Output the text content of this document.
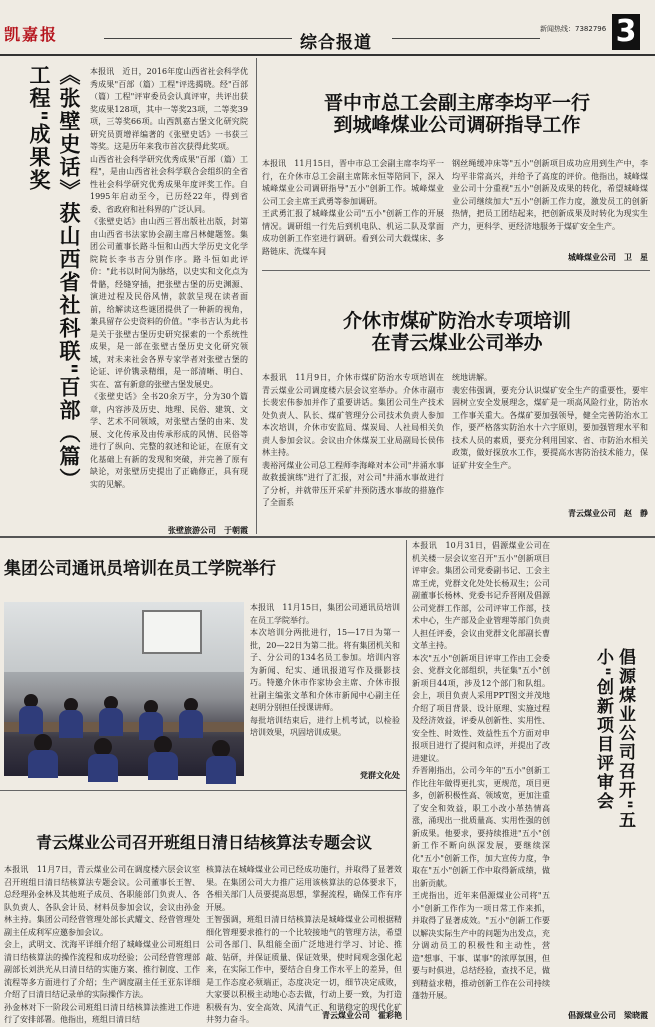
凯嘉报	综合报道
新闻热线：7382796 3
《张壁史话》获山西省社科联"百部（篇）工程"成果奖	本报讯　近日，2016年度山西省社会科学优秀成果"百部（篇）工程"评选揭晓。经"百部（篇）工程"评审委员会认真评审，共评出获奖成果128项，其中一等奖23项，二等奖39项，三等奖66项。山西凯嘉古堡文化研究院研究员贾增祥编著的《张壁史话》一书获三等奖。这是历年来我市首次获得此奖项。
山西省社会科学研究优秀成果"百部（篇）工程"，是由山西省社会科学联合会组织的全省性社会科学研究优秀成果年度评奖工作。自1995年启动至今，已历经22年，得到省委、省政府和社科界的广泛认同。
《张壁史话》由山西三晋出版社出版，封第由山西省书法家协会副主席吕林健题签。集团公司董事长路斗恒和山西大学历史文化学院院长李书吉分别作序。路斗恒如此评价："此书以时间为脉络，以史实和文化点为骨骼，经缝穿插，把张壁古堡的历史渊源、演进过程及民俗风情，款款呈现在读者面前，给解读这些谜团提供了一种新的视角，兼具留存公史资料的价值。"李书吉认为此书是关于张壁古堡历史研究探索的一个系统性成果，是一部在张壁古堡历史文化研究领域，对未来社会各界专家学者对张壁古堡的论证、评价镌录精细，是一部清晰、明白、实在、富有新意的张壁古堡发展史。
《张壁史话》全书20余万字，分为30个篇章，内容涉及历史、地理、民俗、建筑、文学、艺术不同领域，对张壁古堡的由来、发展、文化传承及由传承形成的风情、民俗等进行了纵向、完整的叙述和论证，在原有文化基础上有新的发现和突破，并完善了原有缺论，对张壁历史提出了正确修正，具有现实的见解。
张壁旅游公司　于朝霞
晋中市总工会副主席李均平一行
到城峰煤业公司调研指导工作
本报讯　11月15日，晋中市总工会副主席李均平一行，在介休市总工会副主席陈永恒等陪同下，深入城峰煤业公司调研指导"五小"创新工作。城峰煤业公司工会主席王武勇等参加调研。
王武勇汇报了城峰煤业公司"五小"创新工作的开展情况。调研组一行先后到机电队、机运二队及掌面成功创新工作室进行调研。看到公司大载煤床、多路链床、洗煤车间
钢丝绳缓冲床等"五小"创新项目成功应用到生产中，李均平非常高兴，并给予了高度的评价。他指出，城峰煤业公司十分重视"五小"创新及成果的转化，希望城峰煤业公司继续加大"五小"创新工作力度，激发员工的创新热情，把员工团结起来，把创新成果及时转化为现实生产力，更科学、更经济地服务于煤矿安全生产。
城峰煤业公司　卫　星
介休市煤矿防治水专项培训
在青云煤业公司举办
本报讯　11月9日，介休市煤矿防治水专项培训在青云煤业公司调度楼六层会议室举办。介休市副市长裴宏伟参加并作了重要讲话。集团公司生产技术处负责人、队长、煤矿管理分公司技术负责人参加本次培训，介休市安监局、煤炭局、人社局相关负责人参加会议。会议由介休煤炭工业局副局长侯伟林主持。
裴裕河煤业公司总工程师李海峰对本公司"井涌水事故救援演练"进行了汇报，对公司"井涌水事故进行了分析，并就带压开采矿井预防透水事故的措施作了全面系
统地讲解。
裴宏伟强调，要充分认识煤矿安全生产的重要性，要牢固树立安全发展理念，煤矿是一项高风险行业，防治水工作事关重大。各煤矿要加强领导，健全完善防治水工作，要严格落实防治水十六字原则，要加强管理水平和技术人员的素质，要充分利用国家、省、市防治水相关政策，做好探放水工作，要提高水害防治技术能力，保证矿井安全生产。
青云煤业公司　赵　静
集团公司通讯员培训在员工学院举行
本报讯　11月15日，集团公司通讯员培训在员工学院举行。
本次培训分两批进行，15—17日为第一批，20—22日为第二批。将有集团机关和子、分公司的134名员工参加。培训内容为新闻、纪实、通讯报道写作及摄影技巧。特邀介休市作家协会主席、介休市报社副主编张文革和介休市新闻中心副主任赵明分别担任授课讲师。
每批培训结束后，进行上机考试，以检验培训效果，巩固培训成果。
党群文化处
本报讯　10月31日，倡源煤业公司在机关楼一层会议室召开"五小"创新项目评审会。集团公司党委副书记、工会主席王虎，党群文化处处长杨双生；公司副董事长杨林、党委书记乔晋刚及倡源公司党群工作部，公司评审工作部，技术中心，生产部及企业管理等部门负责人担任评委，会议由党群文化部副长曹文革主持。
本次"五小"创新项目评审工作由工会委会、党群文化部组织，共征集"五小"创新项目44项，涉及12个部门和队组。会上，项目负责人采用PPT图文并茂地介绍了项目背景、设计原理、实施过程及经济效益，评委从创新性、实用性、安全性、时效性、效益性五个方面对申报项目进行了提问和点评，并提出了改进建议。
乔晋刚指出，公司今年的"五小"创新工作比往年做得更扎实，更规范，项目更多，创新积极性高、领域宽，更加注重了安全和效益，职工小改小革热情高涨，涌现出一批质量高、实用性强的创新成果。他要求，要持续推进"五小"创新工作不断向纵深发展，要继续深化"五小"创新工作，加大宣传力度，争取在"五小"创新工作中取得新成绩，做出新贡献。
王虎指出，近年来倡源煤业公司将"五小"创新工作作为一项日常工作来抓，并取得了显著成效。"五小"创新工作要以解决实际生产中的问题为出发点，充分调动员工的积极性和主动性，营造"想事、干事、谋事"的浓厚氛围，但要与时俱进，总结经验，查找不足，做到精益求精，推动创新工作在公司持续蓬勃开展。
倡源煤业公司召开"五小"创新项目评审会
倡源煤业公司　梁晓霞
青云煤业公司召开班组日清日结核算法专题会议
本报讯　11月7日，青云煤业公司在调度楼六层会议室召开班组日清日结核算法专题会议。公司董事长王智、总经理孙金林及其他班子成员、各职能部门负责人、各队负责人、各队会计员、材料员参加会议，会议由孙金林主持。集团公司经营管理处部长武耀文、经营管理处副主任成利军应邀参加会议。
会上，武明文、沈海平详细介绍了城峰煤业公司班组日清日结核算法的操作流程和成功经验；公司经营管理部副部长刘洪光从日清日结的实施方案、推行制度、工作流程等多方面进行了介绍；生产调度副主任王亚东详细介绍了日清日结记录单的实际操作方法。
孙金林对下一阶段公司班组日清日结核算法推进工作进行了安排部署。他指出，班组日清日结
核算法在城峰煤业公司已经成功施行，并取得了显著效果。在集团公司大力推广运用该核算法的总体要求下，各相关部门人员要提高思想，掌握流程，确保工作有序开展。
王智强调，班组日清日结核算法是城峰煤业公司根据精细化管理要求推行的一个比较接地气的管理方法，希望公司各部门、队组能全面广泛地进行学习、讨论、推敲、钻研，并保证质量、保证效果，使时间观念强化起来，在实际工作中，要结合自身工作水平上的差异，但是工作态度必须端正，态度决定一切，细节决定成败，大家要以积极主动地心态去做，行动上要一致，为打造积极有为、安全高效、风清气正、和谐稳定的现代化矿井努力奋斗。	青云煤业公司　霍彩艳
